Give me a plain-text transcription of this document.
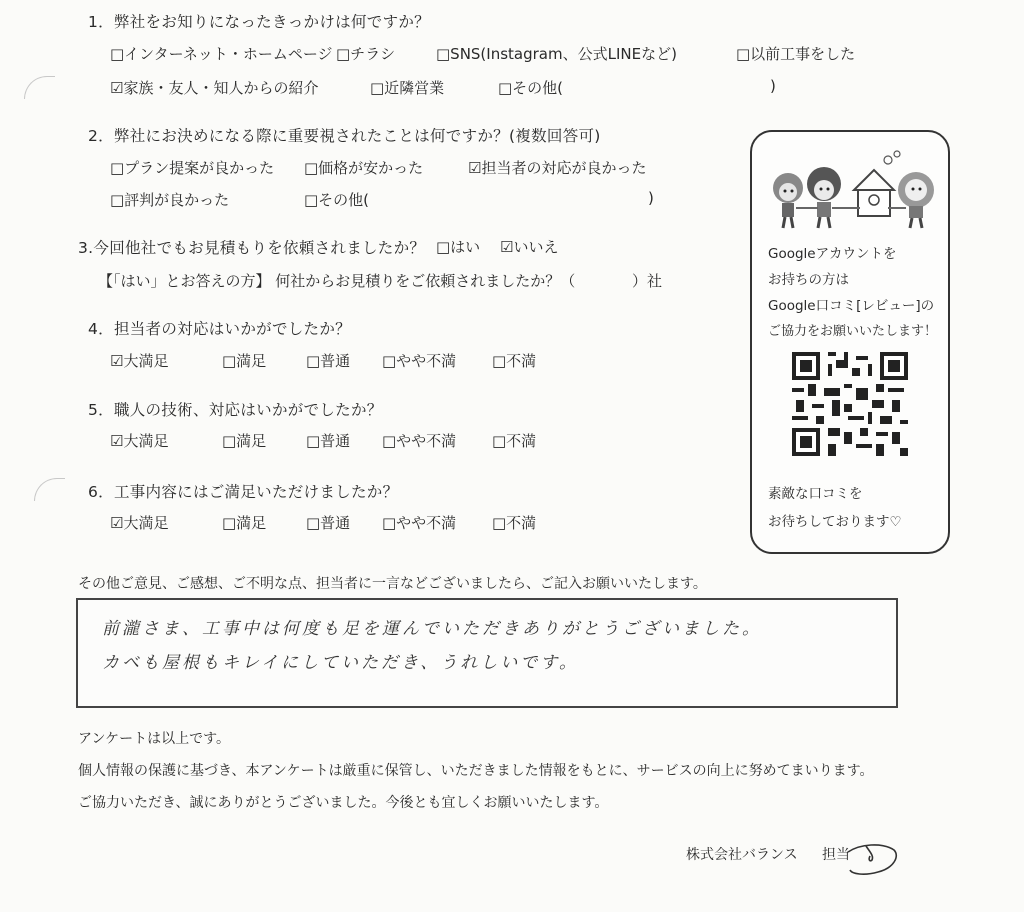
1．弊社をお知りになったきっかけは何ですか？
□インターネット・ホームページ □チラシ	□SNS(Instagram、公式LINEなど)	□以前工事をした
☑家族・友人・知人からの紹介	□近隣営業	□その他(	)
2．弊社にお決めになる際に重要視されたことは何ですか？(複数回答可)
□プラン提案が良かった □価格が安かった	☑担当者の対応が良かった
□評判が良かった	□その他(	)
3.今回他社でもお見積もりを依頼されましたか？ □はい ☑いいえ
【「はい」とお答えの方】 何社からお見積りをご依頼されましたか？（	）社
4．担当者の対応はいかがでしたか？
☑大満足	□満足	□普通 □やや不満 □不満
5．職人の技術、対応はいかがでしたか？
☑大満足	□満足	□普通 □やや不満 □不満
6．工事内容にはご満足いただけましたか？
☑大満足	□満足	□普通 □やや不満 □不満
Googleアカウントを
お持ちの方は
Google口コミ[レビュー]の
ご協力をお願いいたします！
素敵な口コミを
お待ちしております♡
その他ご意見、ご感想、ご不明な点、担当者に一言などございましたら、ご記入お願いいたします。
前瀧さま、工事中は何度も足を運んでいただきありがとうございました。
カベも屋根もキレイにしていただき、うれしいです。
アンケートは以上です。
個人情報の保護に基づき、本アンケートは厳重に保管し、いただきました情報をもとに、サービスの向上に努めてまいります。
ご協力いただき、誠にありがとうございました。今後とも宜しくお願いいたします。
株式会社バランス 担当
